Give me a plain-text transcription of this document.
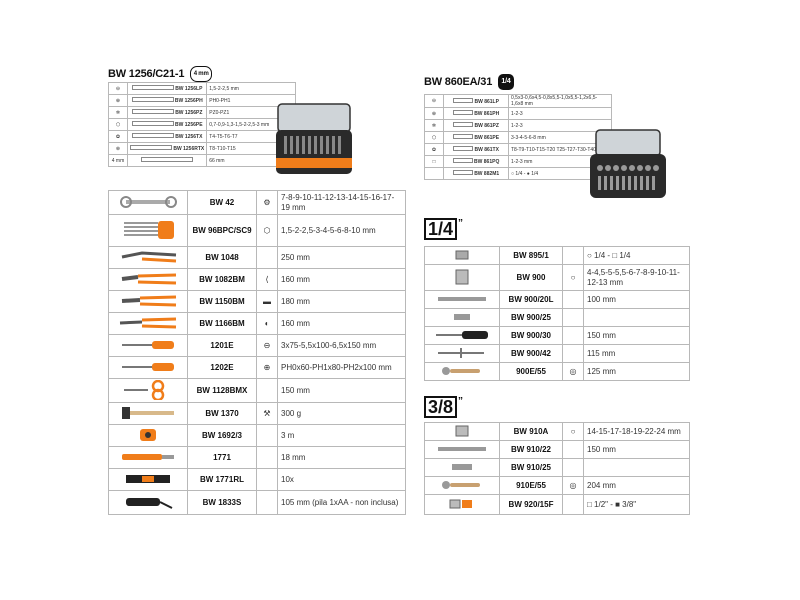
BW 1256/C21-1 4 mm
⊖	BW 1256LP	1,5-2-2,5 mm
⊕	BW 1256PH	PH0-PH1
✲	BW 1256PZ	PZ0-PZ1
⬡	BW 1256PE	0,7-0,9-1,3-1,5-2-2,5-3 mm
✿	BW 1256TX	T4-T5-T6-T7
⊛	BW 1256RTX	T8-T10-T15
4 mm		66 mm
BW 860EA/31 1/4
⊖	BW 861LP	0,5x3-0,6x4,5-0,8x5,5-1,0x5,5-1,2x6,5-1,6x8 mm
⊕	BW 861PH	1-2-3
✲	BW 861PZ	1-2-3
⬡	BW 861PE	3-3-4-5-6-8 mm
✿	BW 861TX	T8-T9-T10-T15-T20 T25-T27-T30-T40
□	BW 861PQ	1-2-3 mm
	BW 882M1	○ 1/4 - ● 1/4
	BW 42	⚙	7-8-9-10-11-12-13-14-15-16-17-19 mm
	BW 96BPC/SC9	⬡	1,5-2-2,5-3-4-5-6-8-10 mm
	BW 1048		250 mm
	BW 1082BM	⟨	160 mm
	BW 1150BM	▬	180 mm
	BW 1166BM	◐	160 mm
	1201E	⊖	3x75-5,5x100-6,5x150 mm
	1202E	⊕	PH0x60-PH1x80-PH2x100 mm
	BW 1128BMX		150 mm
	BW 1370	⚒	300 g
	BW 1692/3		3 m
	1771		18 mm
	BW 1771RL		10x
	BW 1833S		105 mm (pila 1xAA - non inclusa)
1/4 ”
	BW 895/1		○ 1/4 - □ 1/4
	BW 900	○	4-4,5-5-5,5-6-7-8-9-10-11-12-13 mm
	BW 900/20L		100 mm
	BW 900/25		
	BW 900/30		150 mm
	BW 900/42		115 mm
	900E/55	◎	125 mm
3/8 ”
	BW 910A	○	14-15-17-18-19-22-24 mm
	BW 910/22		150 mm
	BW 910/25		
	910E/55	◎	204 mm
	BW 920/15F		□ 1/2" - ■ 3/8"
